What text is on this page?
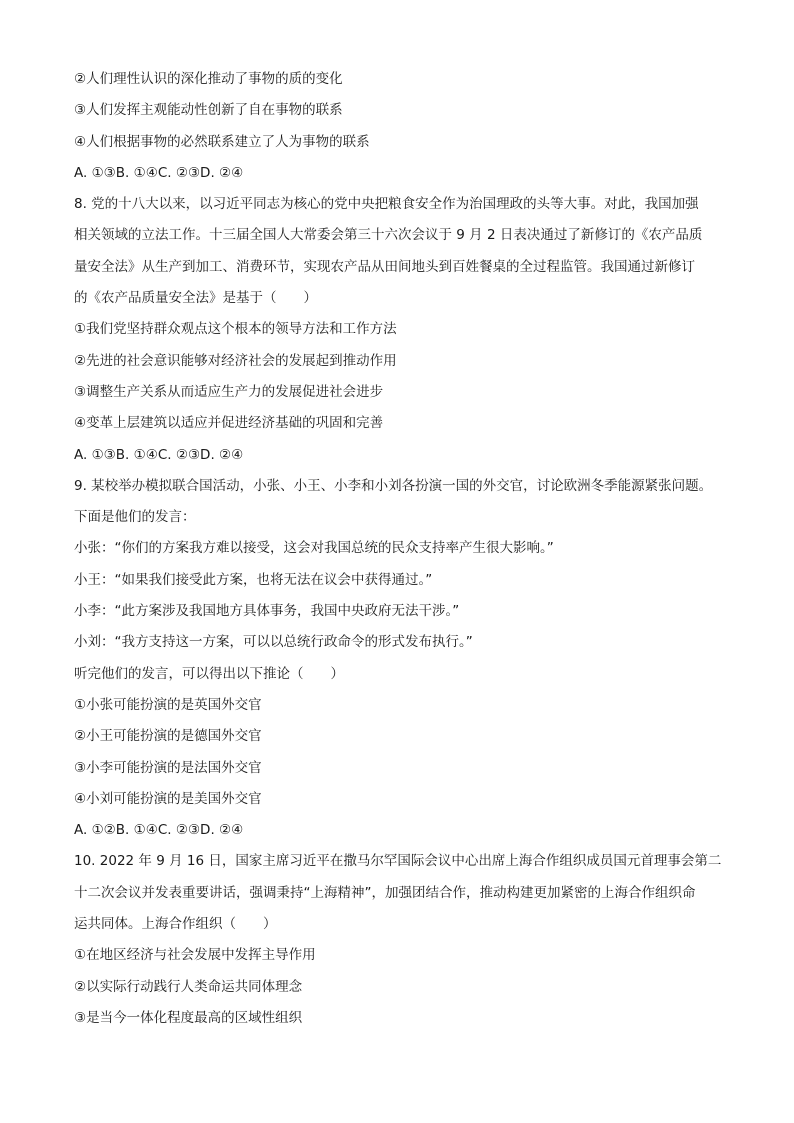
②人们理性认识的深化推动了事物的质的变化
③人们发挥主观能动性创新了自在事物的联系
④人们根据事物的必然联系建立了人为事物的联系
A. ①③B. ①④C. ②③D. ②④
8. 党的十八大以来，以习近平同志为核心的党中央把粮食安全作为治国理政的头等大事。对此，我国加强
相关领域的立法工作。十三届全国人大常委会第三十六次会议于 9 月 2 日表决通过了新修订的《农产品质
量安全法》从生产到加工、消费环节，实现农产品从田间地头到百姓餐桌的全过程监管。我国通过新修订
的《农产品质量安全法》是基于（　　）
①我们党坚持群众观点这个根本的领导方法和工作方法
②先进的社会意识能够对经济社会的发展起到推动作用
③调整生产关系从而适应生产力的发展促进社会进步
④变革上层建筑以适应并促进经济基础的巩固和完善
A. ①③B. ①④C. ②③D. ②④
9. 某校举办模拟联合国活动，小张、小王、小李和小刘各扮演一国的外交官，讨论欧洲冬季能源紧张问题。
下面是他们的发言：
小张：“你们的方案我方难以接受，这会对我国总统的民众支持率产生很大影响。”
小王：“如果我们接受此方案，也将无法在议会中获得通过。”
小李：“此方案涉及我国地方具体事务，我国中央政府无法干涉。”
小刘：“我方支持这一方案，可以以总统行政命令的形式发布执行。”
听完他们的发言，可以得出以下推论（　　）
①小张可能扮演的是英国外交官
②小王可能扮演的是德国外交官
③小李可能扮演的是法国外交官
④小刘可能扮演的是美国外交官
A. ①②B. ①④C. ②③D. ②④
10. 2022 年 9 月 16 日，国家主席习近平在撒马尔罕国际会议中心出席上海合作组织成员国元首理事会第二
十二次会议并发表重要讲话，强调秉持“上海精神”，加强团结合作，推动构建更加紧密的上海合作组织命
运共同体。上海合作组织（　　）
①在地区经济与社会发展中发挥主导作用
②以实际行动践行人类命运共同体理念
③是当今一体化程度最高的区域性组织
